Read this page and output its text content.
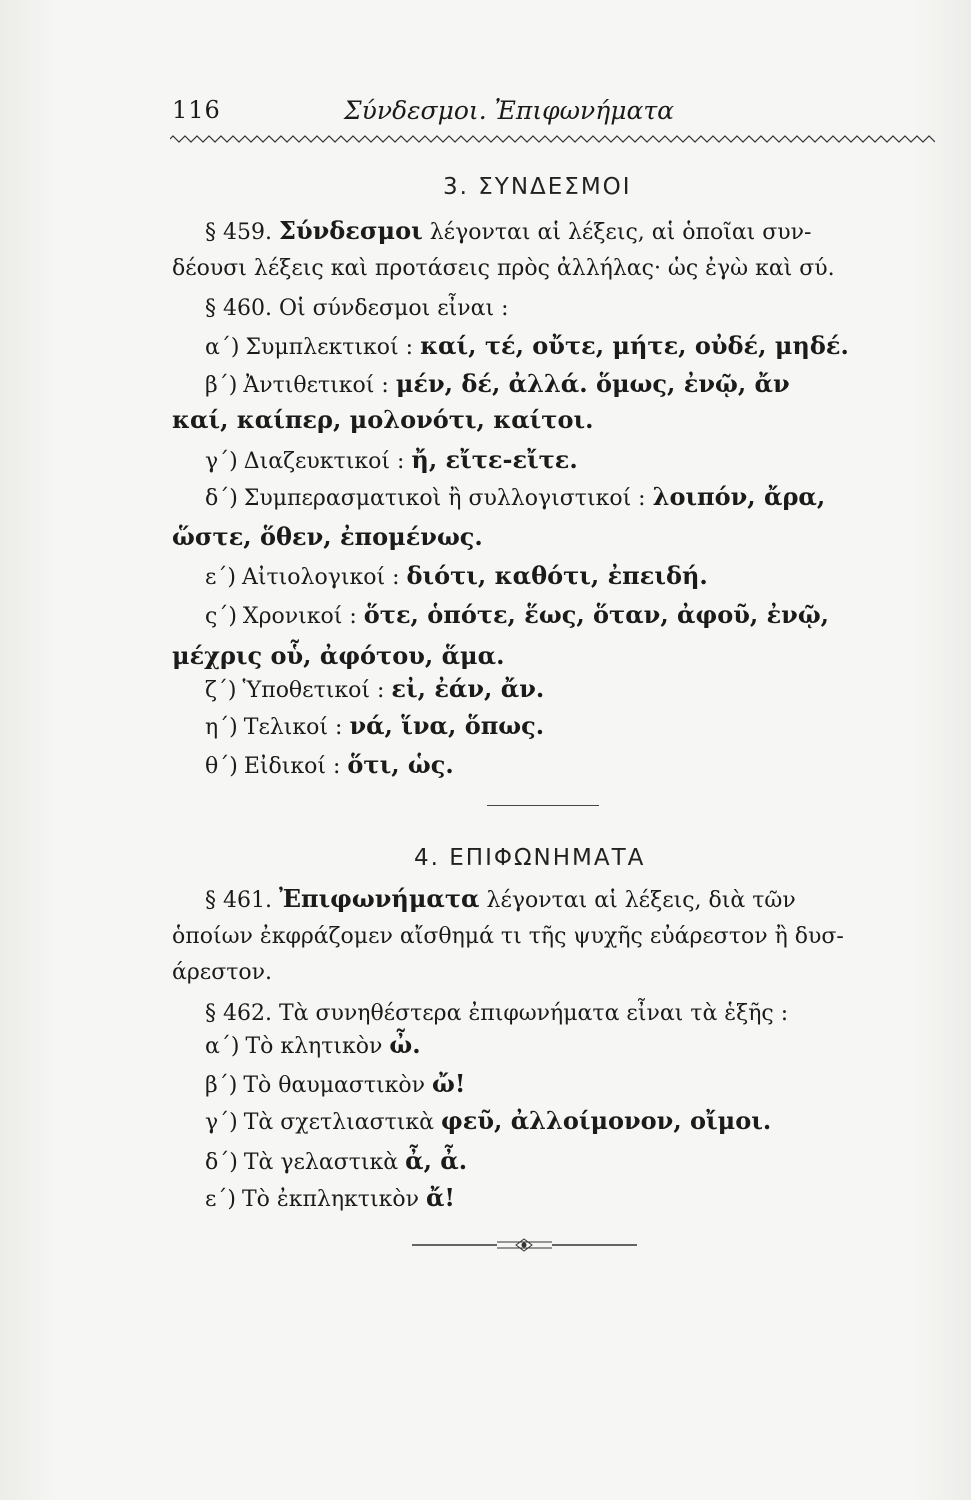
116	Σύνδεσμοι. Ἐπιφωνήματα
3. ΣΥΝΔΕΣΜΟΙ
§ 459. Σύνδεσμοι λέγονται αἱ λέξεις, αἱ ὁποῖαι συν-
δέουσι λέξεις καὶ προτάσεις πρὸς ἀλλήλας· ὡς ἐγὼ καὶ σύ.
§ 460. Οἱ σύνδεσμοι εἶναι :
α΄) Συμπλεκτικοί : καί, τέ, οὔτε, μήτε, οὐδέ, μηδέ.
β΄) Ἀντιθετικοί : μέν, δέ, ἀλλά. ὅμως, ἐνῷ, ἄν
καί, καίπερ, μολονότι, καίτοι.
γ΄) Διαζευκτικοί : ἤ, εἴτε-εἴτε.
δ΄) Συμπερασματικοὶ ἢ συλλογιστικοί : λοιπόν, ἄρα,
ὥστε, ὅθεν, ἐπομένως.
ε΄) Αἰτιολογικοί : διότι, καθότι, ἐπειδή.
ς΄) Χρονικοί : ὅτε, ὁπότε, ἕως, ὅταν, ἀφοῦ, ἐνῷ,
μέχρις οὗ, ἀφότου, ἅμα.
ζ΄) Ὑποθετικοί : εἰ, ἐάν, ἄν.
η΄) Τελικοί : νά, ἵνα, ὅπως.
θ΄) Εἰδικοί : ὅτι, ὡς.
4. ΕΠΙΦΩΝΗΜΑΤΑ
§ 461. Ἐπιφωνήματα λέγονται αἱ λέξεις, διὰ τῶν
ὁποίων ἐκφράζομεν αἴσθημά τι τῆς ψυχῆς εὐάρεστον ἢ δυσ-
άρεστον.
§ 462. Τὰ συνηθέστερα ἐπιφωνήματα εἶναι τὰ ἑξῆς :
α΄) Τὸ κλητικὸν ὦ.
β΄) Τὸ θαυμαστικὸν ὤ!
γ΄) Τὰ σχετλιαστικὰ φεῦ, ἀλλοίμονον, οἴμοι.
δ΄) Τὰ γελαστικὰ ἆ, ἆ.
ε΄) Τὸ ἐκπληκτικὸν ἄ!
